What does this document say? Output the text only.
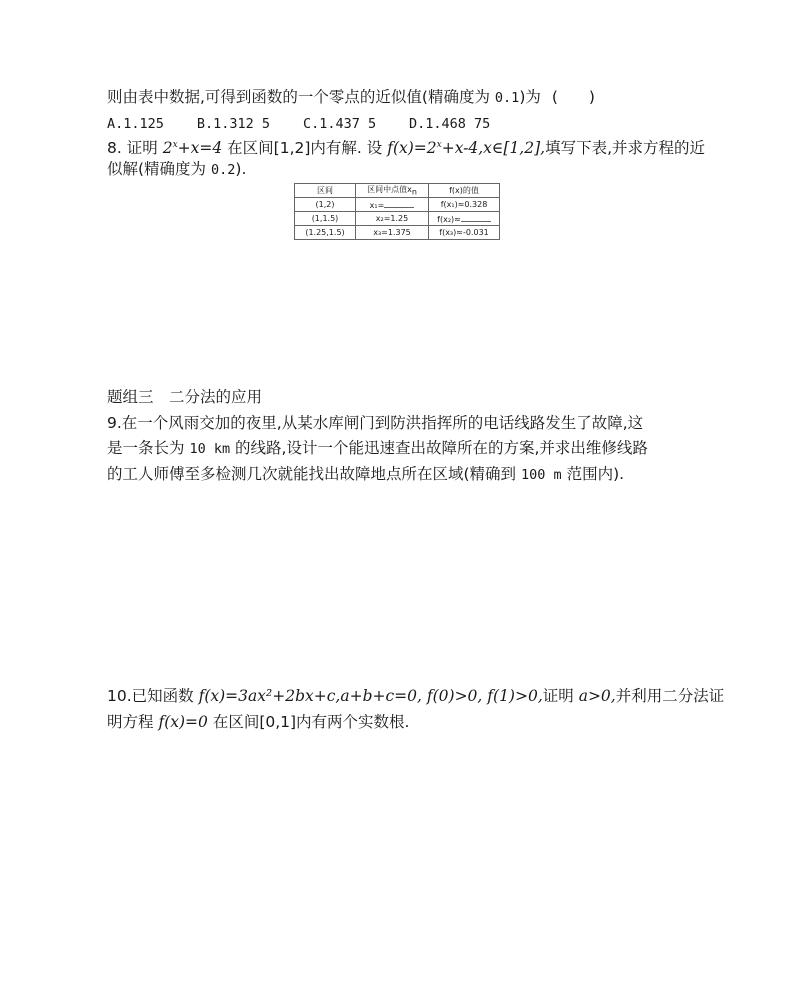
则由表中数据,可得到函数的一个零点的近似值(精确度为 0.1)为 (　　)
A.1.125 B.1.312 5 C.1.437 5 D.1.468 75
8. 证明 $2^x+x=4$ 在区间[1,2]内有解. 设 $f(x)=2^x+x-4,x\in[1,2]$,填写下表,并求方程的近
似解(精确度为 0.2).
区间	区间中点值$x_n$	f(x)的值
(1,2)	x₁=	f(x₁)≈0.328
(1,1.5)	x₂=1.25	f(x₂)≈
(1.25,1.5)	x₃=1.375	f(x₃)≈-0.031
题组三　二分法的应用
9.在一个风雨交加的夜里,从某水库闸门到防洪指挥所的电话线路发生了故障,这
是一条长为 10 km 的线路,设计一个能迅速查出故障所在的方案,并求出维修线路
的工人师傅至多检测几次就能找出故障地点所在区域(精确到 100 m 范围内).
10.已知函数 f(x)=3ax²+2bx+c,a+b+c=0, f(0)>0, f(1)>0,证明 a>0,并利用二分法证
明方程 f(x)=0 在区间[0,1]内有两个实数根.
